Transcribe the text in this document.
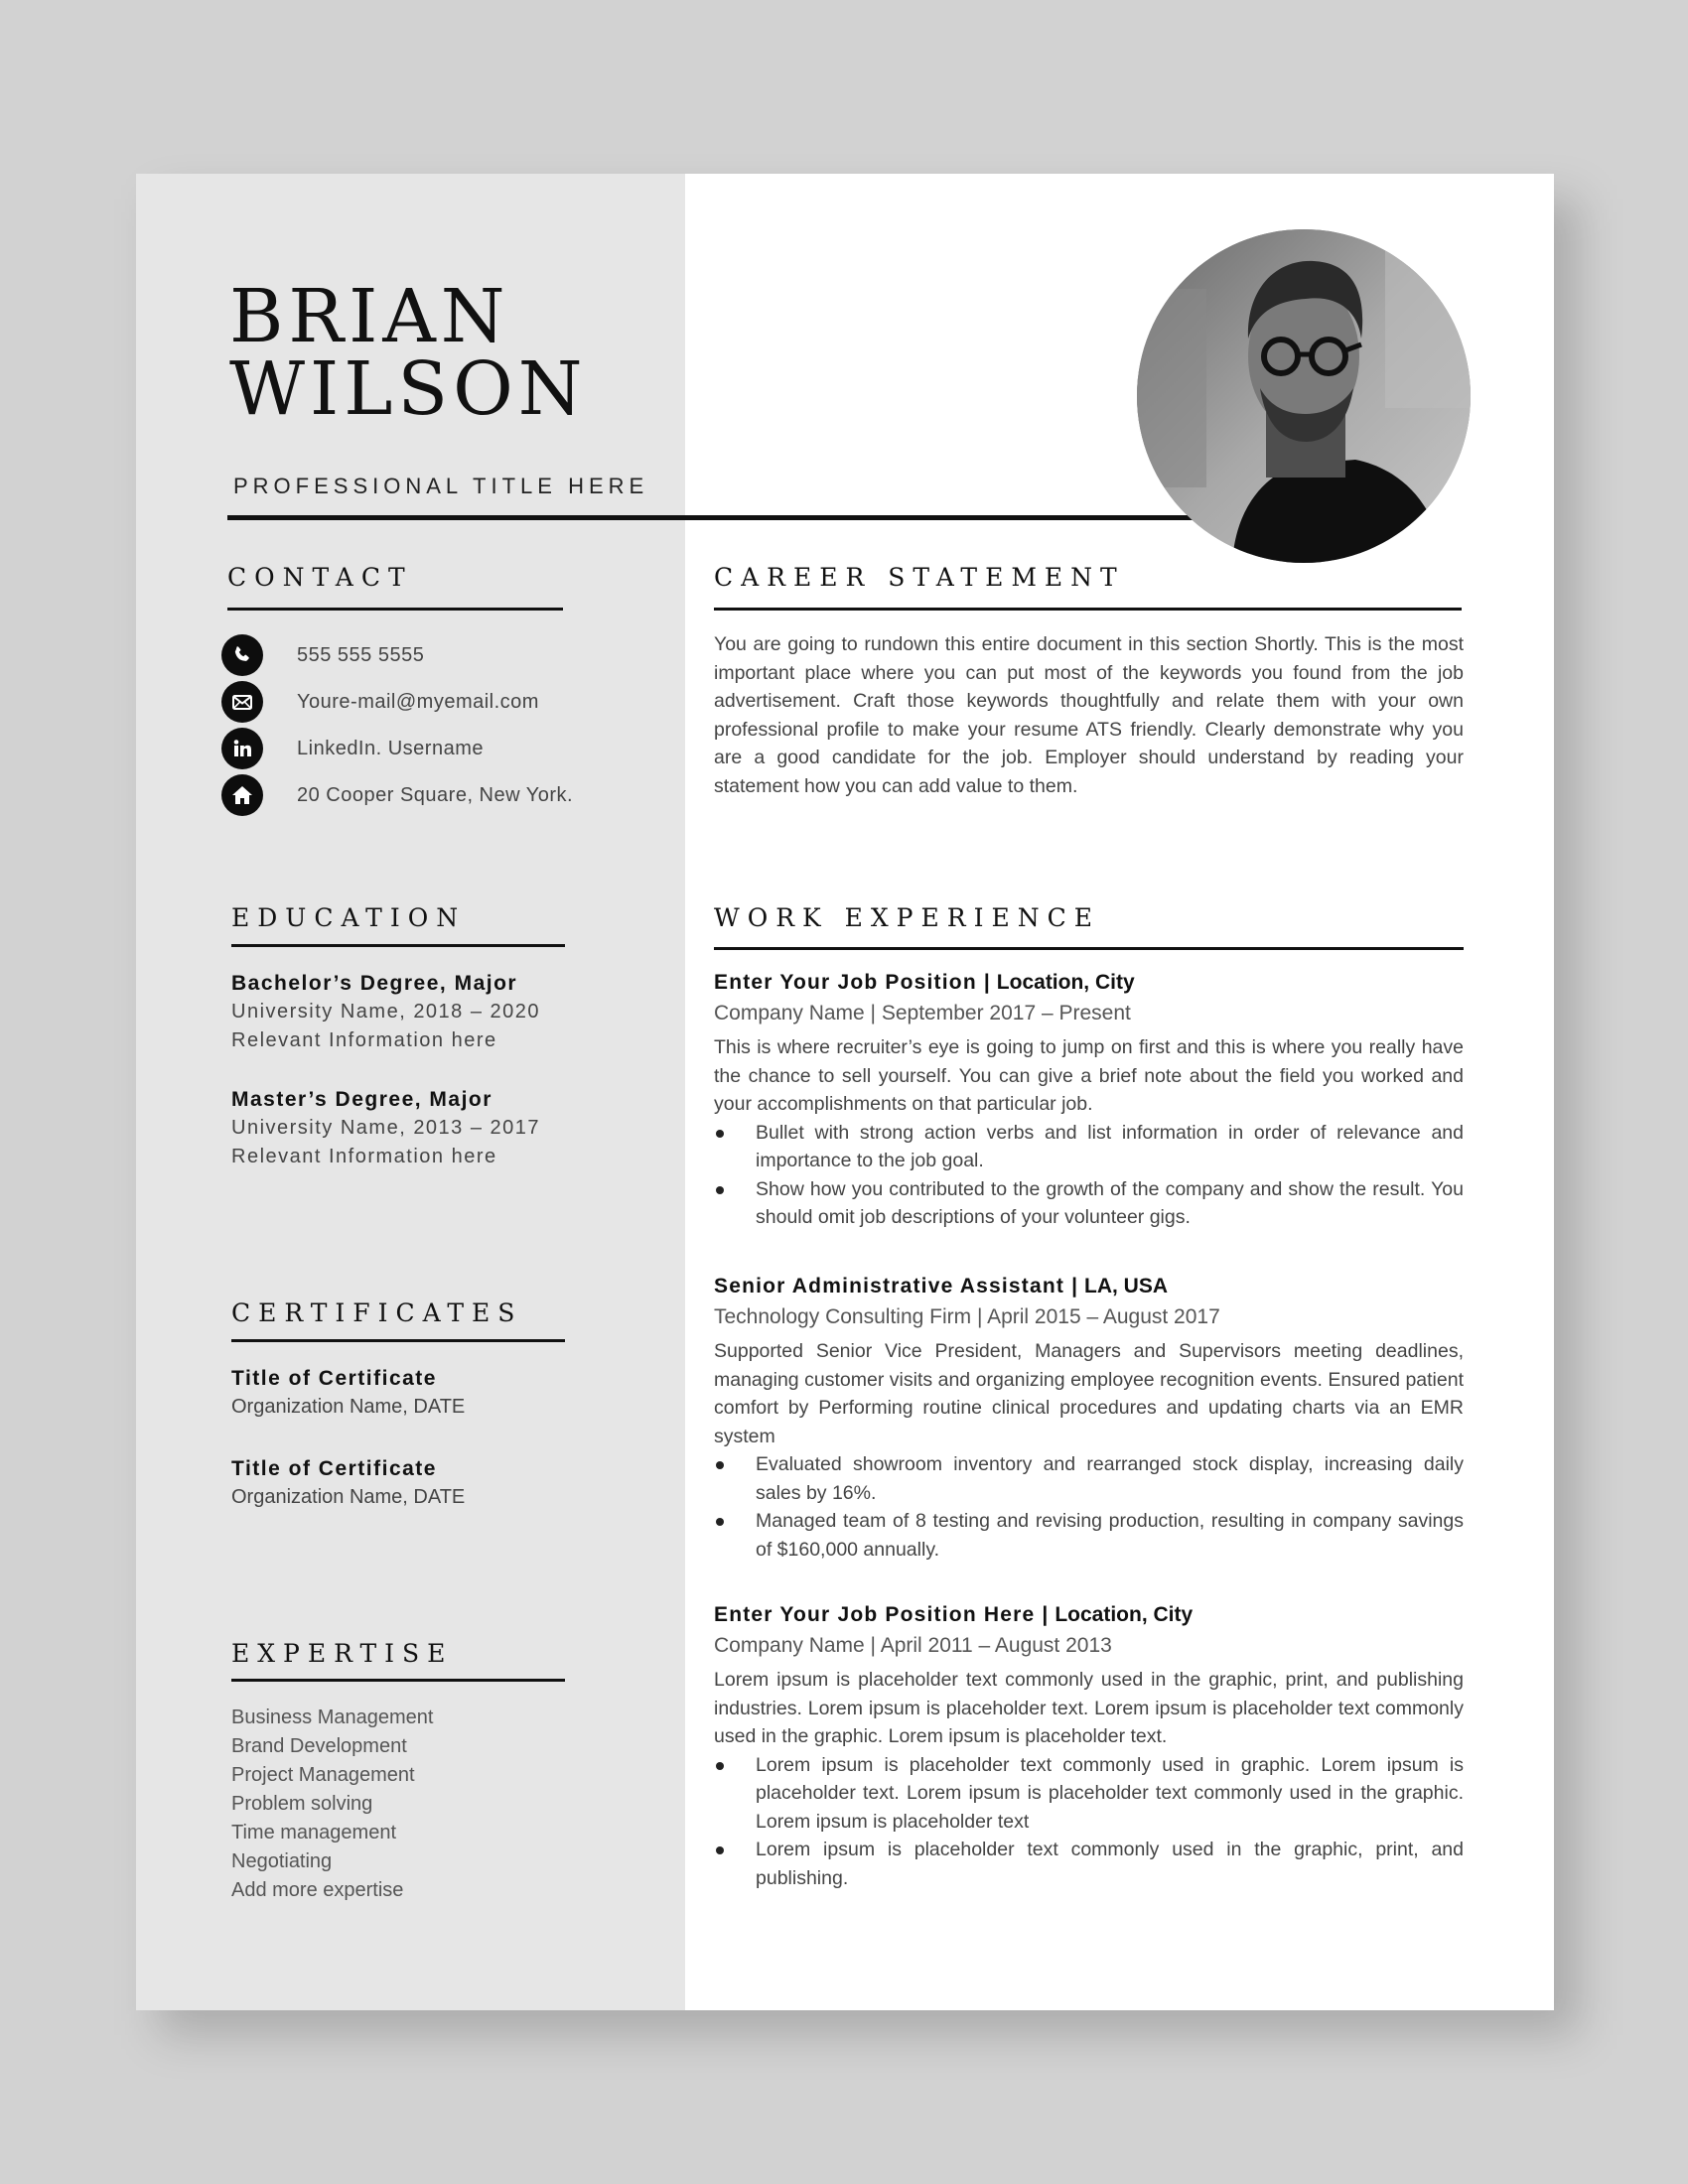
BRIAN
WILSON
PROFESSIONAL TITLE HERE
CONTACT
555 555 5555
Youre-mail@myemail.com
LinkedIn. Username
20 Cooper Square, New York.
EDUCATION
Bachelor’s Degree, Major
University Name, 2018 – 2020
Relevant Information here
Master’s Degree, Major
University Name, 2013 – 2017
Relevant Information here
CERTIFICATES
Title of Certificate
Organization Name, DATE
Title of Certificate
Organization Name, DATE
EXPERTISE
Business Management
Brand Development
Project Management
Problem solving
Time management
Negotiating
Add more expertise
CAREER STATEMENT
You are going to rundown this entire document in this section Shortly. This is the most important place where you can put most of the keywords you found from the job advertisement. Craft those keywords thoughtfully and relate them with your own professional profile to make your resume ATS friendly. Clearly demonstrate why you are a good candidate for the job. Employer should understand by reading your statement how you can add value to them.
WORK EXPERIENCE
Enter Your Job Position | Location, City
Company Name | September 2017 – Present
This is where recruiter’s eye is going to jump on first and this is where you really have the chance to sell yourself. You can give a brief note about the field you worked and your accomplishments on that particular job.
Bullet with strong action verbs and list information in order of relevance and importance to the job goal.
Show how you contributed to the growth of the company and show the result. You should omit job descriptions of your volunteer gigs.
Senior Administrative Assistant | LA, USA
Technology Consulting Firm | April 2015 – August 2017
Supported Senior Vice President, Managers and Supervisors meeting deadlines, managing customer visits and organizing employee recognition events. Ensured patient comfort by Performing routine clinical procedures and updating charts via an EMR system
Evaluated showroom inventory and rearranged stock display, increasing daily sales by 16%.
Managed team of 8 testing and revising production, resulting in company savings of $160,000 annually.
Enter Your Job Position Here | Location, City
Company Name | April 2011 – August 2013
Lorem ipsum is placeholder text commonly used in the graphic, print, and publishing industries. Lorem ipsum is placeholder text. Lorem ipsum is placeholder text commonly used in the graphic. Lorem ipsum is placeholder text.
Lorem ipsum is placeholder text commonly used in graphic. Lorem ipsum is placeholder text. Lorem ipsum is placeholder text commonly used in the graphic. Lorem ipsum is placeholder text
Lorem ipsum is placeholder text commonly used in the graphic, print, and publishing.
